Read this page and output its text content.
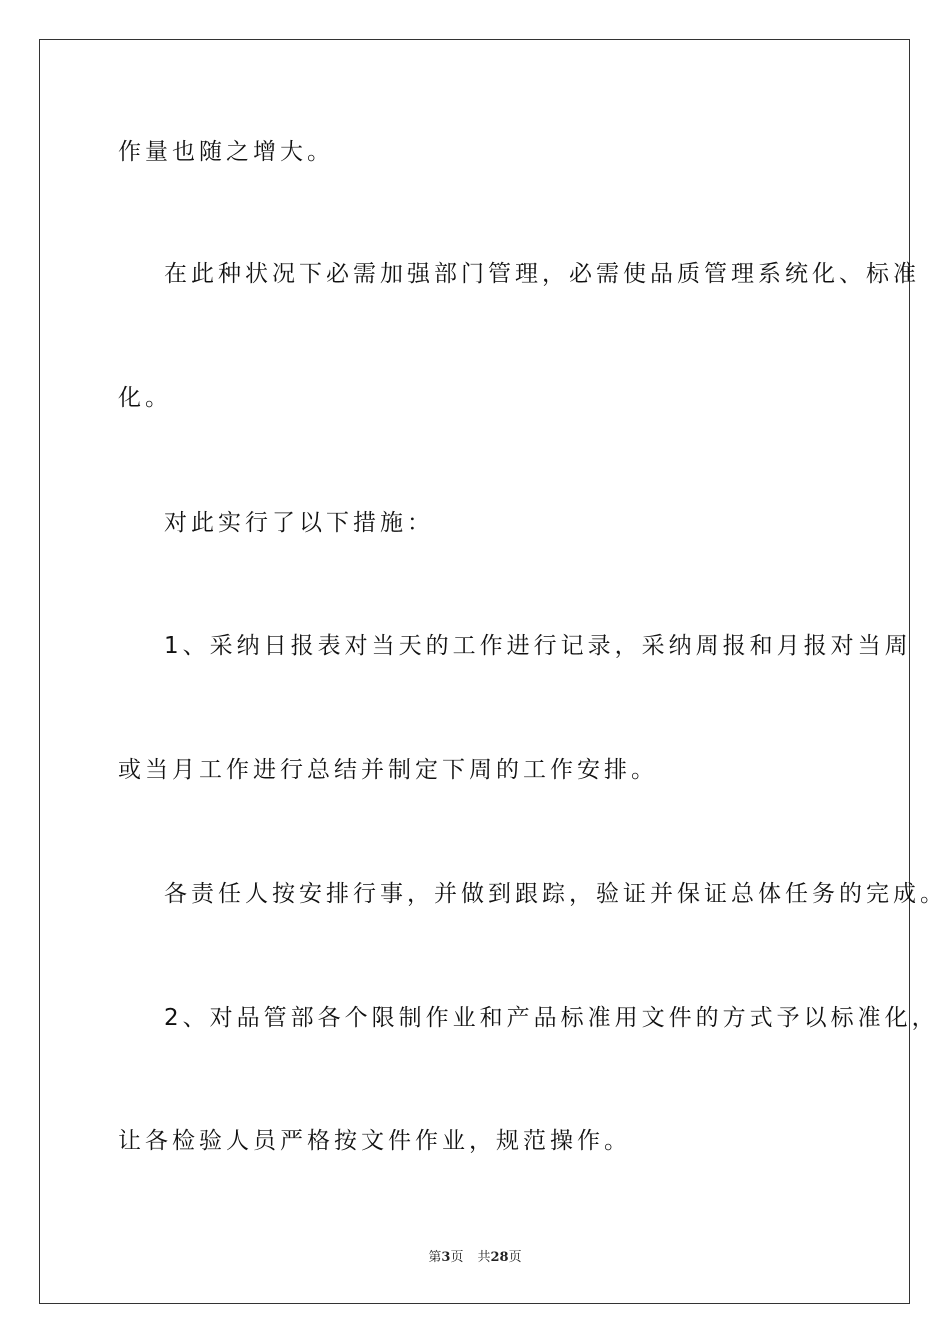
作量也随之增大。
在此种状况下必需加强部门管理，必需使品质管理系统化、标准
化。
对此实行了以下措施：
1、采纳日报表对当天的工作进行记录，采纳周报和月报对当周
或当月工作进行总结并制定下周的工作安排。
各责任人按安排行事，并做到跟踪，验证并保证总体任务的完成。
2、对品管部各个限制作业和产品标准用文件的方式予以标准化，
让各检验人员严格按文件作业，规范操作。
第3页 共28页
